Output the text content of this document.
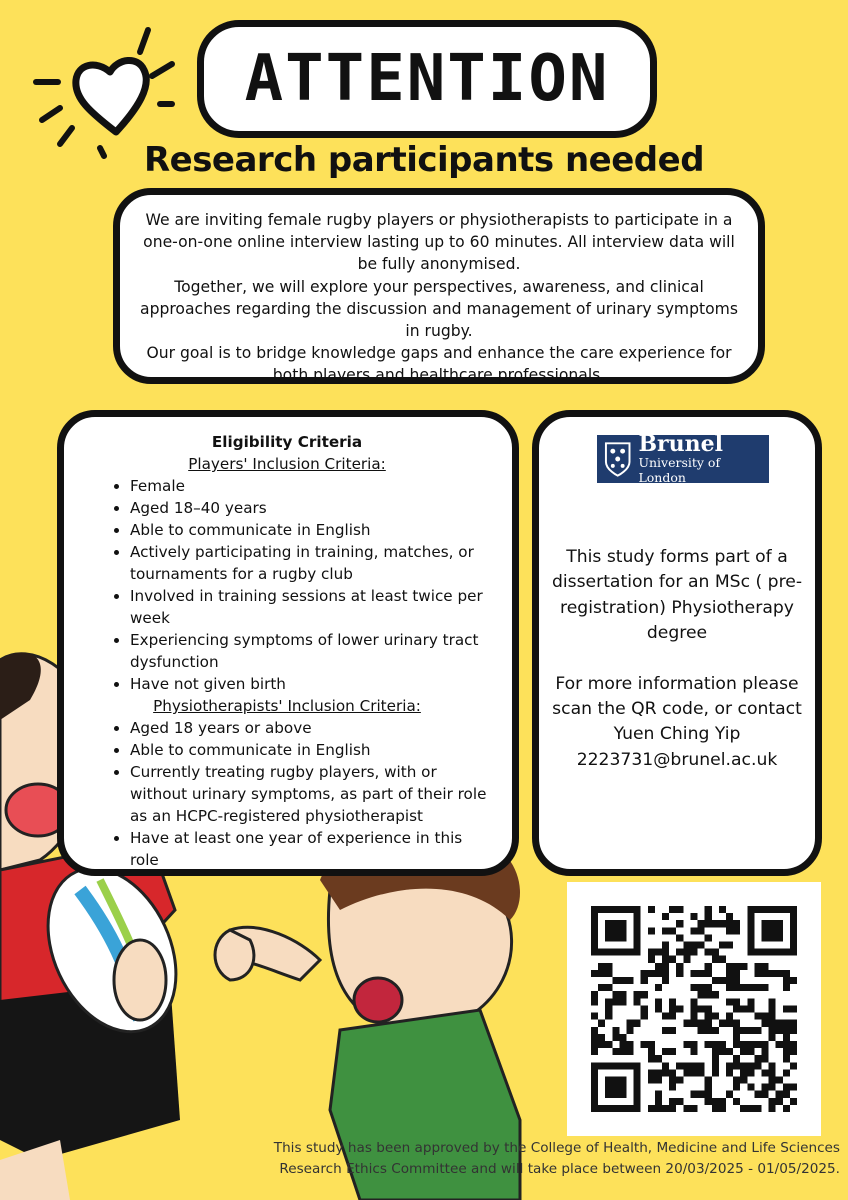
ATTENTION
Research participants needed

We are inviting female rugby players or physiotherapists to participate in a one-on-one online interview lasting up to 60 minutes. All interview data will be fully anonymised.

Together, we will explore your perspectives, awareness, and clinical approaches regarding the discussion and management of urinary symptoms in rugby.

Our goal is to bridge knowledge gaps and enhance the care experience for both players and healthcare professionals.

Eligibility Criteria
Players' Inclusion Criteria:
• Female
• Aged 18–40 years
• Able to communicate in English
• Actively participating in training, matches, or tournaments for a rugby club
• Involved in training sessions at least twice per week
• Experiencing symptoms of lower urinary tract dysfunction
• Have not given birth
Physiotherapists' Inclusion Criteria:
• Aged 18 years or above
• Able to communicate in English
• Currently treating rugby players, with or without urinary symptoms, as part of their role as an HCPC-registered physiotherapist
• Have at least one year of experience in this role
Brunel
University of London

This study forms part of a dissertation for an MSc ( pre-registration) Physiotherapy degree

For more information please scan the QR code, or contact

Yuen Ching Yip

2223731@brunel.ac.uk

This study has been approved by the College of Health, Medicine and Life Sciences Research Ethics Committee and will take place between 20/03/2025 - 01/05/2025.
